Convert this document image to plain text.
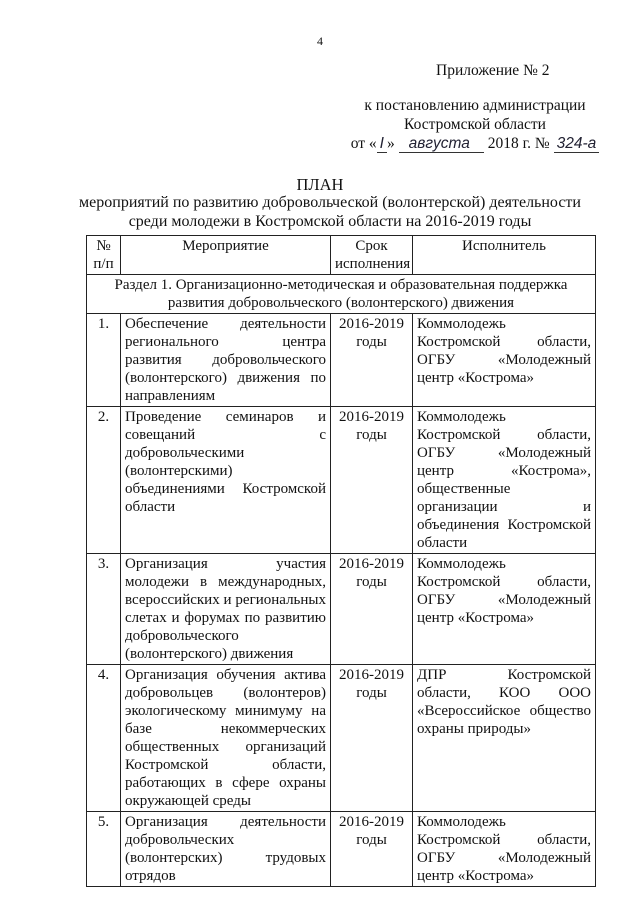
4
Приложение № 2
к постановлению администрации
Костромской области
от « I » августа 2018 г. № 324-а
ПЛАН
мероприятий по развитию добровольческой (волонтерской) деятельности
среди молодежи в Костромской области на 2016-2019 годы
№ п/п	Мероприятие	Срок исполнения	Исполнитель
Раздел 1. Организационно-методическая и образовательная поддержка развития добровольческого (волонтерского) движения			
1.	Обеспечение деятельности регионального центра развития добровольческого (волонтерского) движения по направлениям	2016-2019 годы	Коммолодежь Костромской области, ОГБУ «Молодежный центр «Кострома»
2.	Проведение семинаров и совещаний с добровольческими (волонтерскими) объединениями Костромской области	2016-2019 годы	Коммолодежь Костромской области, ОГБУ «Молодежный центр «Кострома», общественные организации и объединения Костромской области
3.	Организация участия молодежи в международных, всероссийских и региональных слетах и форумах по развитию добровольческого (волонтерского) движения	2016-2019 годы	Коммолодежь Костромской области, ОГБУ «Молодежный центр «Кострома»
4.	Организация обучения актива добровольцев (волонтеров) экологическому минимуму на базе некоммерческих общественных организаций Костромской области, работающих в сфере охраны окружающей среды	2016-2019 годы	ДПР Костромской области, КОО ООО «Всероссийское общество охраны природы»
5.	Организация деятельности добровольческих (волонтерских) трудовых отрядов	2016-2019 годы	Коммолодежь Костромской области, ОГБУ «Молодежный центр «Кострома»
